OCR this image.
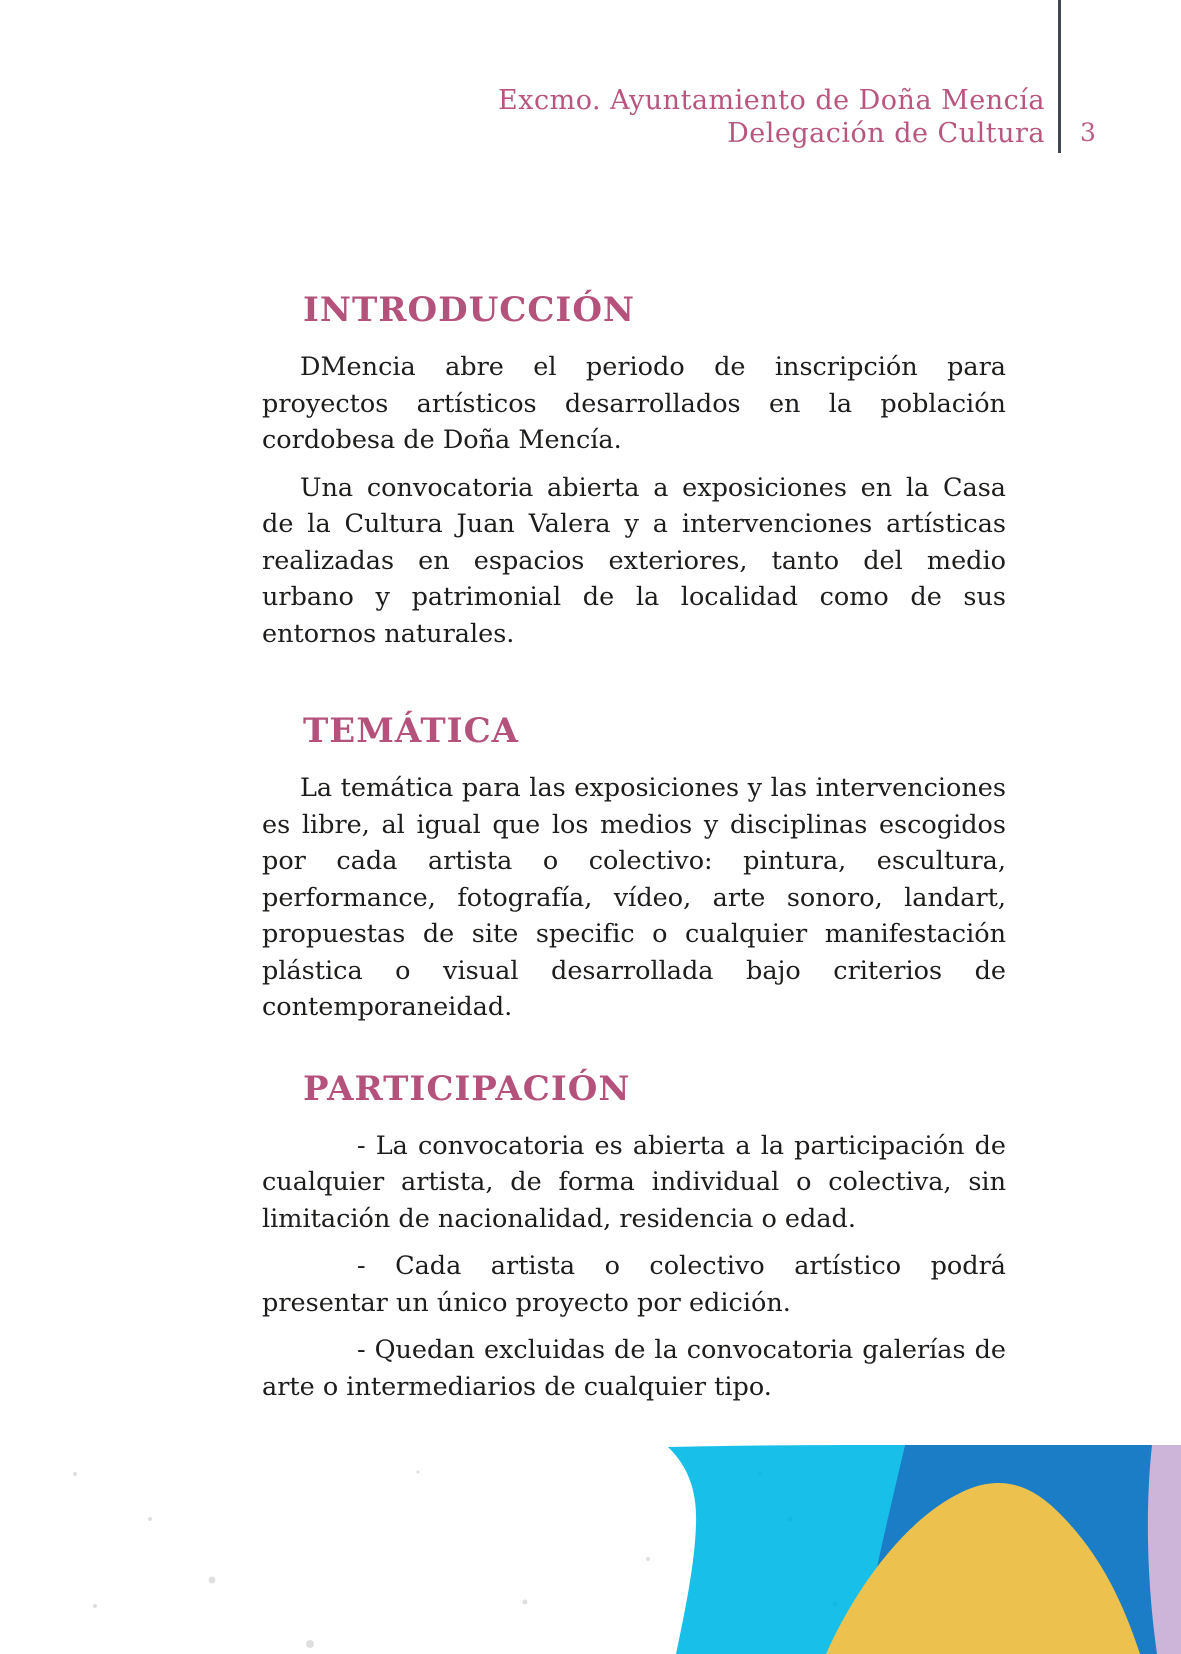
Excmo. Ayuntamiento de Doña Mencía
Delegación de Cultura 3
INTRODUCCIÓN

DMencia abre el periodo de inscripción para proyectos artísticos desarrollados en la población cordobesa de Doña Mencía.

Una convocatoria abierta a exposiciones en la Casa de la Cultura Juan Valera y a intervenciones artísticas realizadas en espacios exteriores, tanto del medio urbano y patrimonial de la localidad como de sus entornos naturales.

TEMÁTICA

La temática para las exposiciones y las intervenciones es libre, al igual que los medios y disciplinas escogidos por cada artista o colectivo: pintura, escultura, performance, fotografía, vídeo, arte sonoro, landart, propuestas de site specific o cualquier manifestación plástica o visual desarrollada bajo criterios de contemporaneidad.

PARTICIPACIÓN

- La convocatoria es abierta a la participación de cualquier artista, de forma individual o colectiva, sin limitación de nacionalidad, residencia o edad.

- Cada artista o colectivo artístico podrá presentar un único proyecto por edición.

- Quedan excluidas de la convocatoria galerías de arte o intermediarios de cualquier tipo.
